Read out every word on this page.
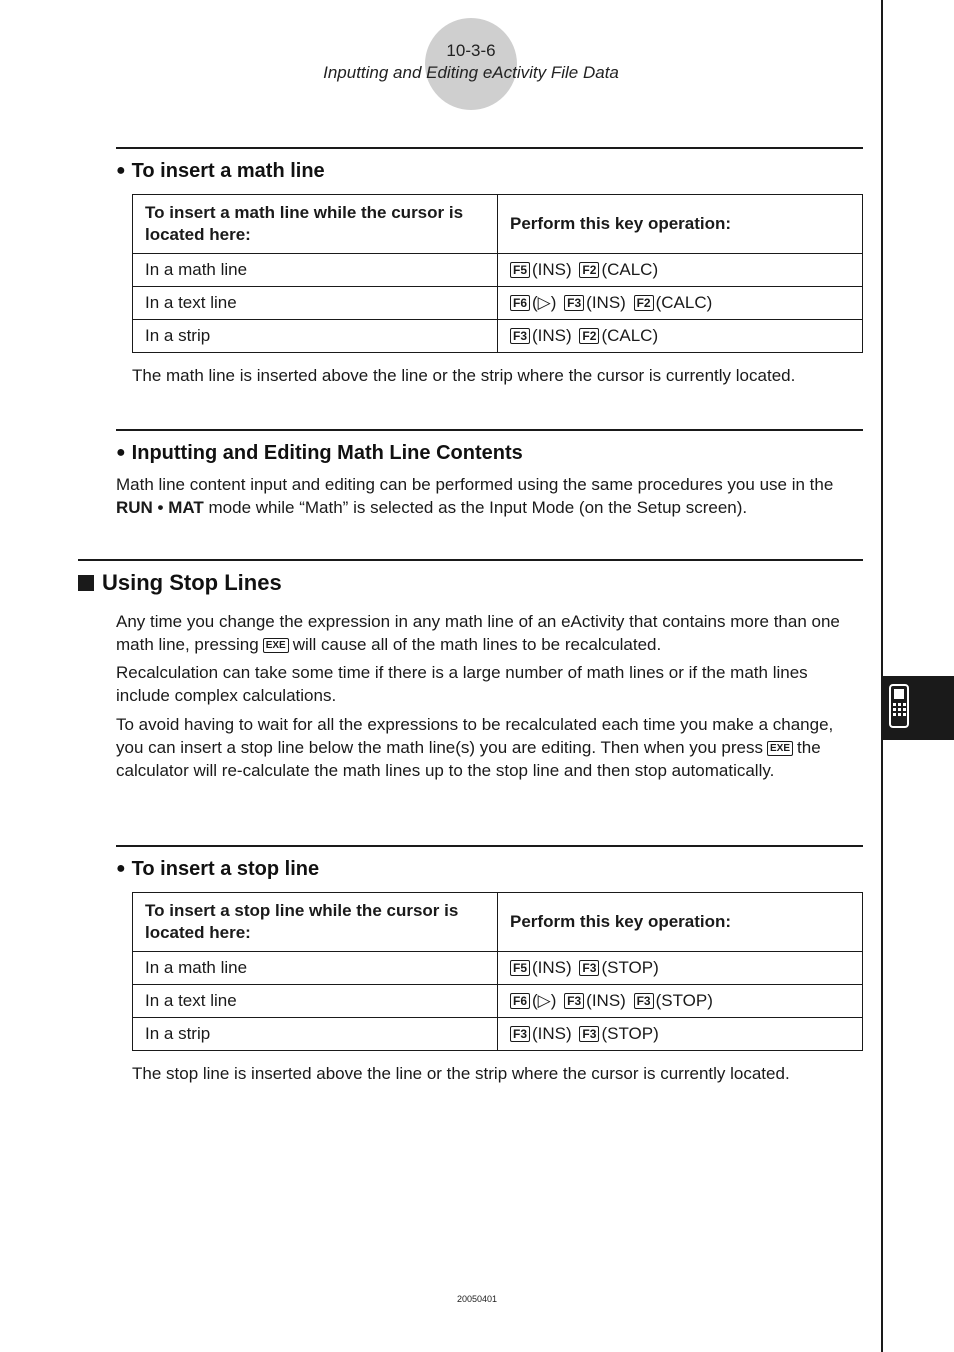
10-3-6
Inputting and Editing eActivity File Data
● To insert a math line
To insert a math line while the cursor is located here:	Perform this key operation:
In a math line	F5 (INS) F2 (CALC)
In a text line	F6 (▷) F3 (INS) F2 (CALC)
In a strip	F3 (INS) F2 (CALC)
The math line is inserted above the line or the strip where the cursor is currently located.
● Inputting and Editing Math Line Contents
Math line content input and editing can be performed using the same procedures you use in the RUN • MAT mode while “Math” is selected as the Input Mode (on the Setup screen).
Using Stop Lines
Any time you change the expression in any math line of an eActivity that contains more than one math line, pressing EXE will cause all of the math lines to be recalculated.
Recalculation can take some time if there is a large number of math lines or if the math lines include complex calculations.
To avoid having to wait for all the expressions to be recalculated each time you make a change, you can insert a stop line below the math line(s) you are editing. Then when you press EXE the calculator will re-calculate the math lines up to the stop line and then stop automatically.
● To insert a stop line
To insert a stop line while the cursor is located here:	Perform this key operation:
In a math line	F5 (INS) F3 (STOP)
In a text line	F6 (▷) F3 (INS) F3 (STOP)
In a strip	F3 (INS) F3 (STOP)
The stop line is inserted above the line or the strip where the cursor is currently located.
20050401
